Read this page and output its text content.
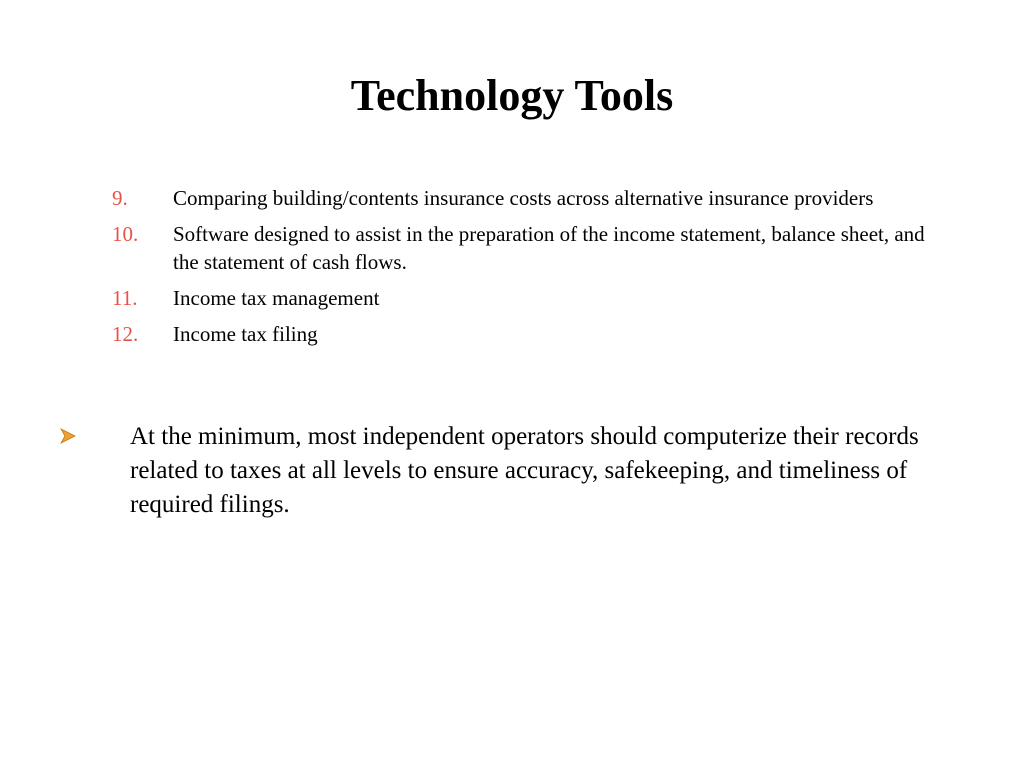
Technology Tools
9.	Comparing building/contents insurance costs across alternative insurance providers
10.	Software designed to assist in the preparation of the income statement, balance sheet, and the statement of cash flows.
11.	Income tax management
12.	Income tax filing
At the minimum, most independent operators should computerize their records related to taxes at all levels to ensure accuracy, safekeeping, and timeliness of required filings.
